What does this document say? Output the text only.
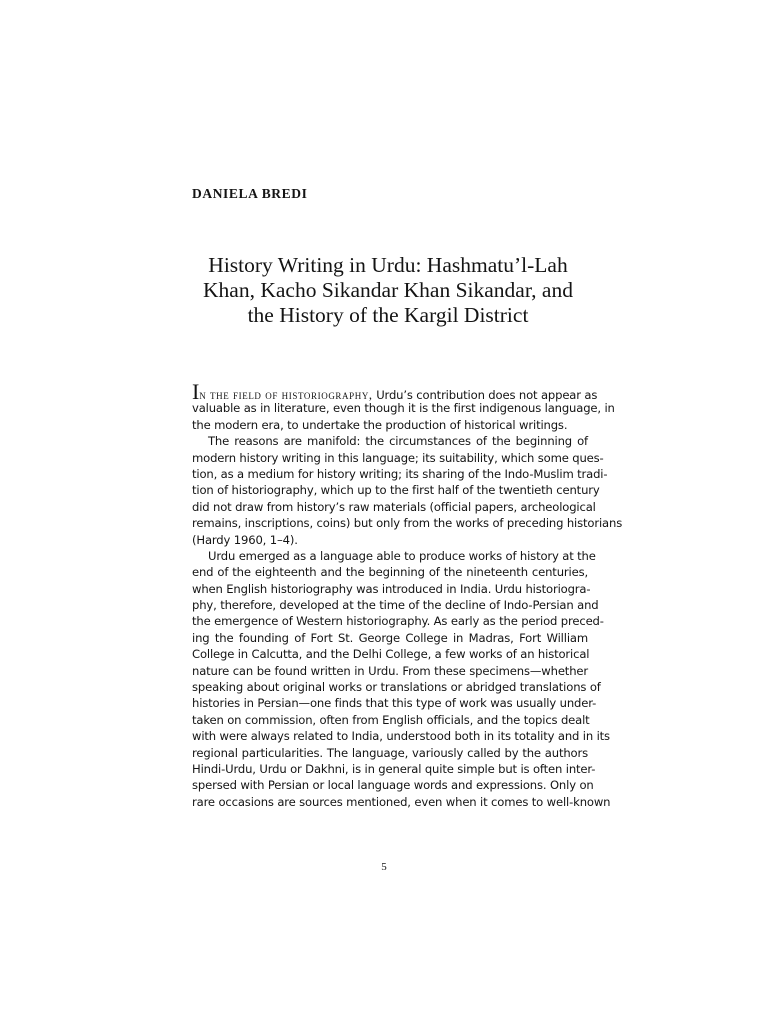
DANIELA BREDI
History Writing in Urdu: Hashmatu’l-Lah
Khan, Kacho Sikandar Khan Sikandar, and
the History of the Kargil District
In the field of historiography, Urdu’s contribution does not appear as
valuable as in literature, even though it is the first indigenous language, in
the modern era, to undertake the production of historical writings.
The reasons are manifold: the circumstances of the beginning of
modern history writing in this language; its suitability, which some ques-
tion, as a medium for history writing; its sharing of the Indo-Muslim tradi-
tion of historiography, which up to the first half of the twentieth century
did not draw from history’s raw materials (official papers, archeological
remains, inscriptions, coins) but only from the works of preceding historians
(Hardy 1960, 1–4).
Urdu emerged as a language able to produce works of history at the
end of the eighteenth and the beginning of the nineteenth centuries,
when English historiography was introduced in India. Urdu historiogra-
phy, therefore, developed at the time of the decline of Indo-Persian and
the emergence of Western historiography. As early as the period preced-
ing the founding of Fort St. George College in Madras, Fort William
College in Calcutta, and the Delhi College, a few works of an historical
nature can be found written in Urdu. From these specimens—whether
speaking about original works or translations or abridged translations of
histories in Persian—one finds that this type of work was usually under-
taken on commission, often from English officials, and the topics dealt
with were always related to India, understood both in its totality and in its
regional particularities. The language, variously called by the authors
Hindi-Urdu, Urdu or Dakhni, is in general quite simple but is often inter-
spersed with Persian or local language words and expressions. Only on
rare occasions are sources mentioned, even when it comes to well-known
5
